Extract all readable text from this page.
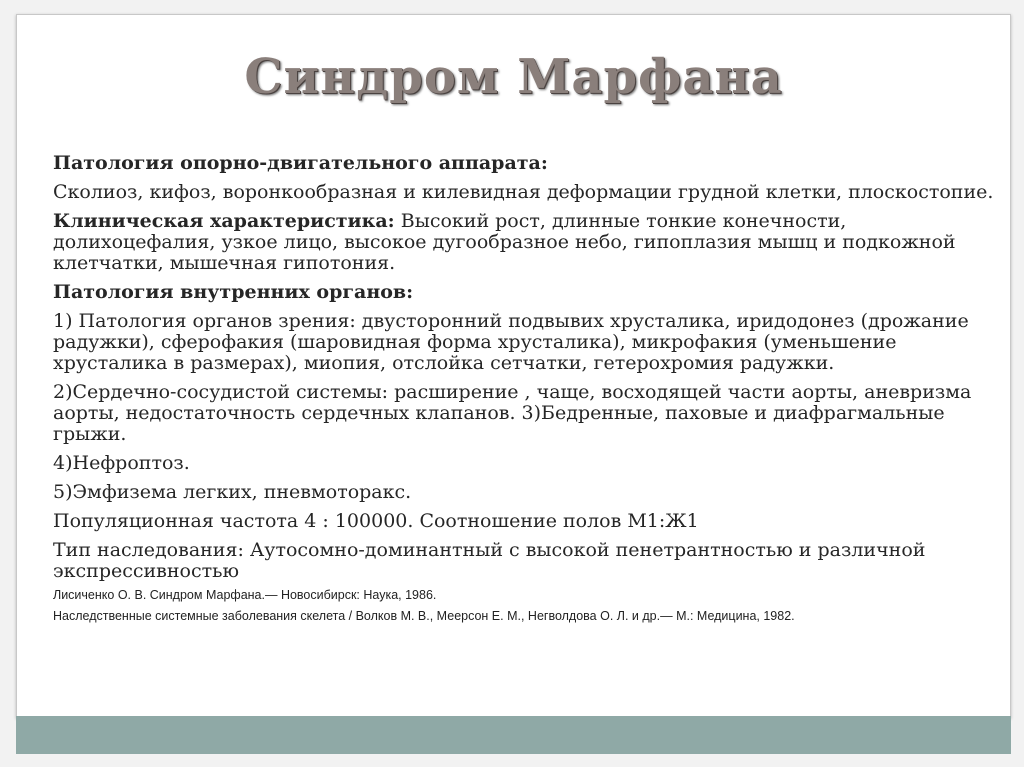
Синдром Марфана

Патология опорно-двигательного аппарата:

Сколиоз, кифоз, воронкообразная и килевидная деформации грудной клетки, плоскостопие.

Клиническая характеристика: Высокий рост, длинные тонкие конечности, долихоцефалия, узкое лицо, высокое дугообразное небо, гипоплазия мышц и подкожной клетчатки, мышечная гипотония.

Патология внутренних органов:

1) Патология органов зрения: двусторонний подвывих хрусталика, иридодонез (дрожание радужки), сферофакия (шаровидная форма хрусталика), микрофакия (уменьшение хрусталика в размерах), миопия, отслойка сетчатки, гетерохромия радужки.

2)Сердечно-сосудистой системы: расширение , чаще, восходящей части аорты, аневризма аорты, недостаточность сердечных клапанов. 3)Бедренные, паховые и диафрагмальные грыжи.

4)Нефроптоз.

5)Эмфизема легких, пневмоторакс.

Популяционная частота 4 : 100000. Соотношение полов М1:Ж1

Тип наследования: Аутосомно-доминантный с высокой пенетрантностью и различной экспрессивностью

Лисиченко О. В. Синдром Марфана.— Новосибирск: Наука, 1986.

Наследственные системные заболевания скелета / Волков М. В., Меерсон Е. М., Негволдова О. Л. и др.— М.: Медицина, 1982.
